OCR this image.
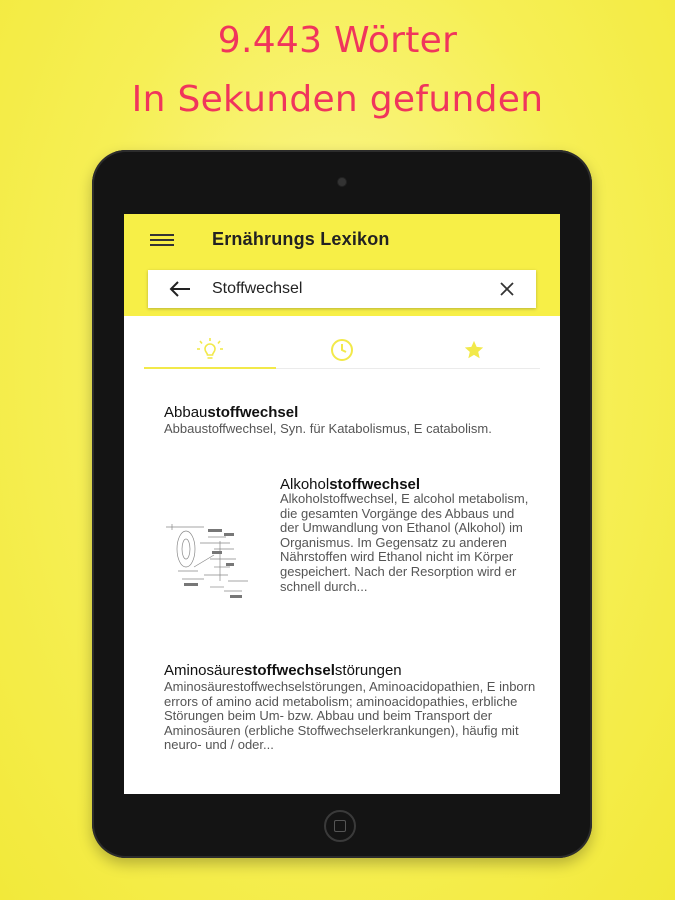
9.443 Wörter
In Sekunden gefunden
Ernährungs Lexikon
Stoffwechsel
Abbaustoffwechsel
Abbaustoffwechsel, Syn. für Katabolismus, E catabolism.
Alkoholstoffwechsel
Alkoholstoffwechsel, E alcohol metabolism, die gesamten Vorgänge des Abbaus und der Umwandlung von Ethanol (Alkohol) im Organismus. Im Gegensatz zu anderen Nährstoffen wird Ethanol nicht im Körper gespeichert. Nach der Resorption wird er schnell durch...
Aminosäurestoffwechselstörungen
Aminosäurestoffwechselstörungen, Aminoacidopathien, E inborn errors of amino acid metabolism; aminoacidopathies, erbliche Störungen beim Um- bzw. Abbau und beim Transport der Aminosäuren (erbliche Stoffwechselerkrankungen), häufig mit neuro- und / oder...
